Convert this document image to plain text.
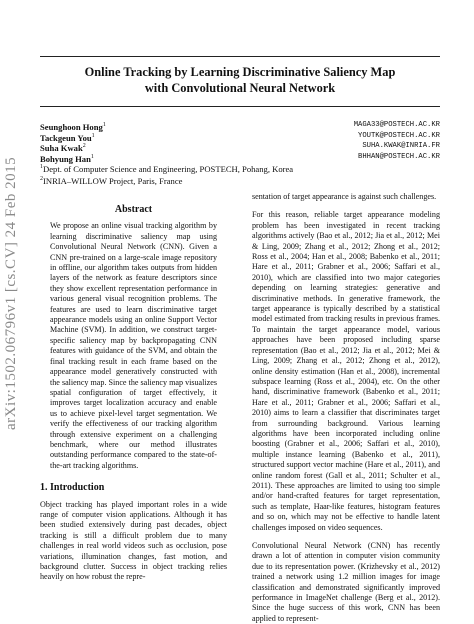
arXiv:1502.06796v1 [cs.CV] 24 Feb 2015
Online Tracking by Learning Discriminative Saliency Map
with Convolutional Neural Network
Seunghoon Hong$^1$	MAGA33@POSTECH.AC.KR
Tackgeun You$^1$	YOUTK@POSTECH.AC.KR
Suha Kwak$^2$	SUHA.KWAK@INRIA.FR
Bohyung Han$^1$	BHHAN@POSTECH.AC.KR
$^1$Dept. of Computer Science and Engineering, POSTECH, Pohang, Korea
$^2$INRIA–WILLOW Project, Paris, France
Abstract

We propose an online visual tracking algorithm by learning discriminative saliency map using Convolutional Neural Network (CNN). Given a CNN pre-trained on a large-scale image repository in offline, our algorithm takes outputs from hidden layers of the network as feature descriptors since they show excellent representation performance in various general visual recognition problems. The features are used to learn discriminative target appearance models using an online Support Vector Machine (SVM). In addition, we construct target-specific saliency map by backpropagating CNN features with guidance of the SVM, and obtain the final tracking result in each frame based on the appearance model generatively constructed with the saliency map. Since the saliency map visualizes spatial configuration of target effectively, it improves target localization accuracy and enable us to achieve pixel-level target segmentation. We verify the effectiveness of our tracking algorithm through extensive experiment on a challenging benchmark, where our method illustrates outstanding performance compared to the state-of-the-art tracking algorithms.

1. Introduction

Object tracking has played important roles in a wide range of computer vision applications. Although it has been studied extensively during past decades, object tracking is still a difficult problem due to many challenges in real world videos such as occlusion, pose variations, illumination changes, fast motion, and background clutter. Success in object tracking relies heavily on how robust the repre-

sentation of target appearance is against such challenges.

For this reason, reliable target appearance modeling problem has been investigated in recent tracking algorithms actively (Bao et al., 2012; Jia et al., 2012; Mei & Ling, 2009; Zhang et al., 2012; Zhong et al., 2012; Ross et al., 2004; Han et al., 2008; Babenko et al., 2011; Hare et al., 2011; Grabner et al., 2006; Saffari et al., 2010), which are classified into two major categories depending on learning strategies: generative and discriminative methods. In generative framework, the target appearance is typically described by a statistical model estimated from tracking results in previous frames. To maintain the target appearance model, various approaches have been proposed including sparse representation (Bao et al., 2012; Jia et al., 2012; Mei & Ling, 2009; Zhang et al., 2012; Zhong et al., 2012), online density estimation (Han et al., 2008), incremental subspace learning (Ross et al., 2004), etc. On the other hand, discriminative framework (Babenko et al., 2011; Hare et al., 2011; Grabner et al., 2006; Saffari et al., 2010) aims to learn a classifier that discriminates target from surrounding background. Various learning algorithms have been incorporated including online boosting (Grabner et al., 2006; Saffari et al., 2010), multiple instance learning (Babenko et al., 2011), structured support vector machine (Hare et al., 2011), and online random forest (Gall et al., 2011; Schulter et al., 2011). These approaches are limited to using too simple and/or hand-crafted features for target representation, such as template, Haar-like features, histogram features and so on, which may not be effective to handle latent challenges imposed on video sequences.

Convolutional Neural Network (CNN) has recently drawn a lot of attention in computer vision community due to its representation power. (Krizhevsky et al., 2012) trained a network using 1.2 million images for image classification and demonstrated significantly improved performance in ImageNet challenge (Berg et al., 2012). Since the huge success of this work, CNN has been applied to represent-
